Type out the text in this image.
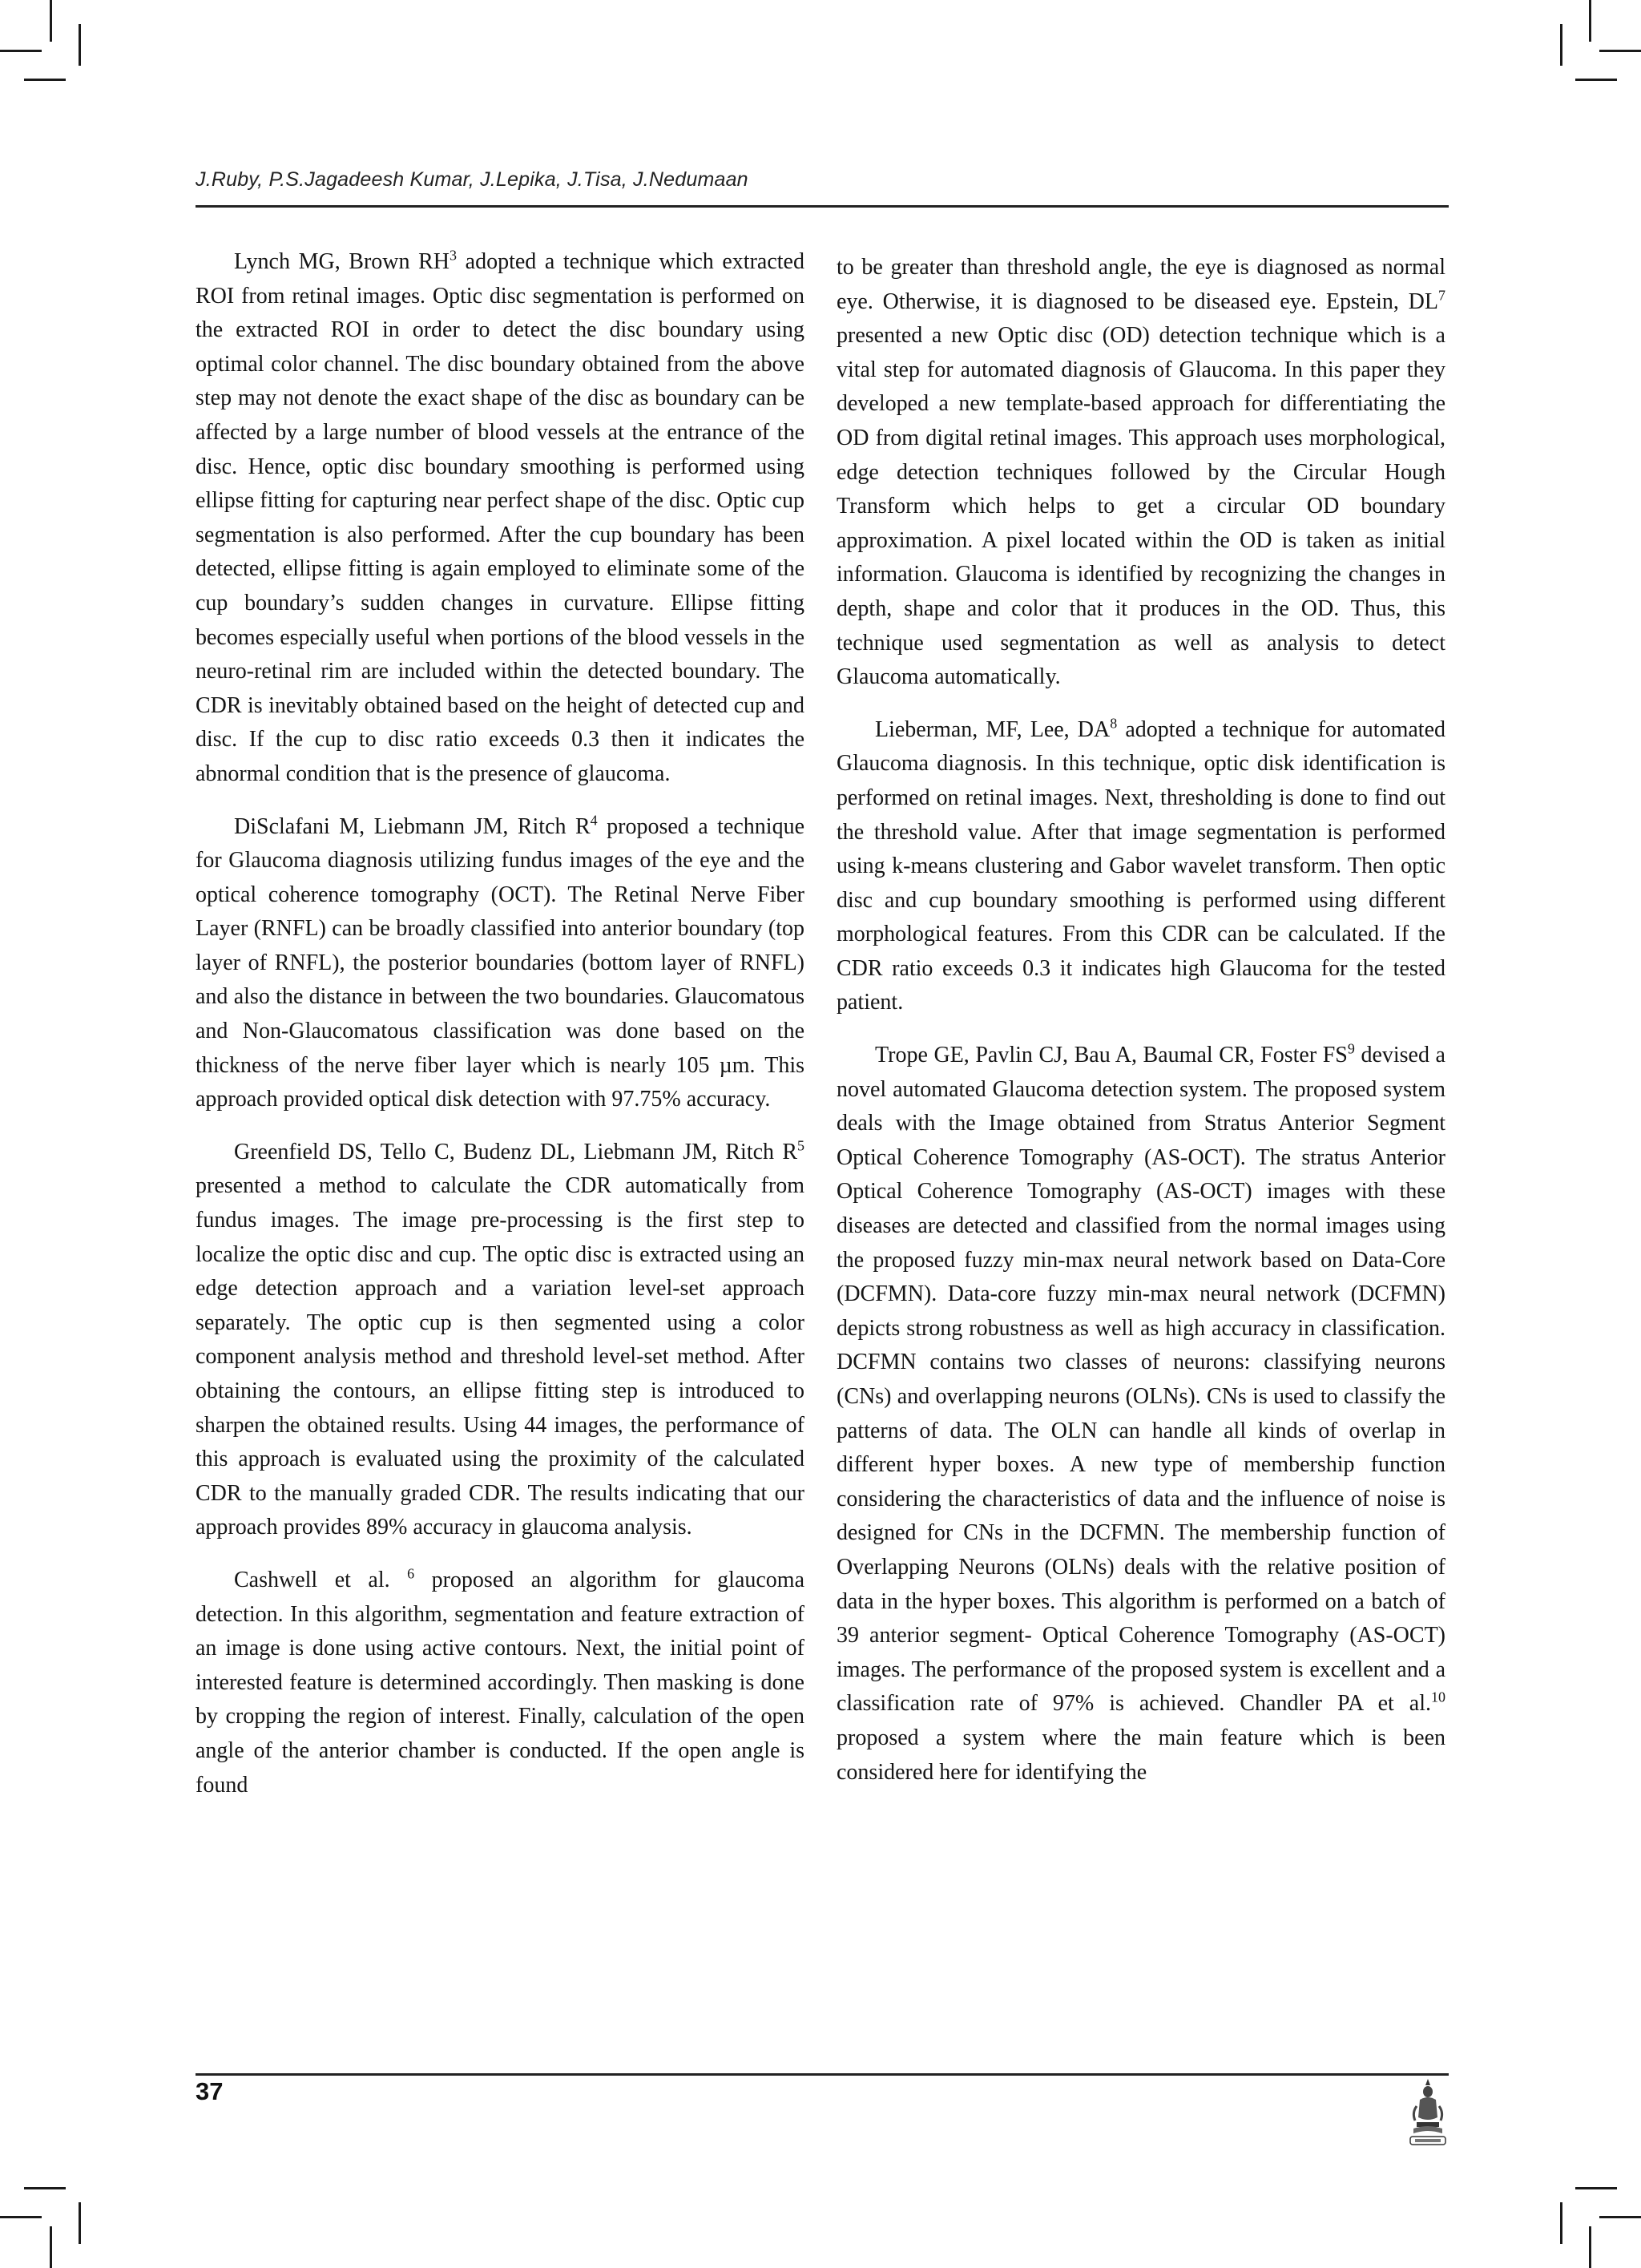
J.Ruby, P.S.Jagadeesh Kumar, J.Lepika, J.Tisa, J.Nedumaan

Lynch MG, Brown $RH^3$ adopted a technique which extracted ROI from retinal images. Optic disc segmentation is performed on the extracted ROI in order to detect the disc boundary using optimal color channel. The disc boundary obtained from the above step may not denote the exact shape of the disc as boundary can be affected by a large number of blood vessels at the entrance of the disc. Hence, optic disc boundary smoothing is performed using ellipse fitting for capturing near perfect shape of the disc. Optic cup segmentation is also performed. After the cup boundary has been detected, ellipse fitting is again employed to eliminate some of the cup boundary’s sudden changes in curvature. Ellipse fitting becomes especially useful when portions of the blood vessels in the neuro-retinal rim are included within the detected boundary. The CDR is inevitably obtained based on the height of detected cup and disc. If the cup to disc ratio exceeds 0.3 then it indicates the abnormal condition that is the presence of glaucoma.

DiSclafani M, Liebmann JM, Ritch $R^4$ proposed a technique for Glaucoma diagnosis utilizing fundus images of the eye and the optical coherence tomography (OCT). The Retinal Nerve Fiber Layer (RNFL) can be broadly classified into anterior boundary (top layer of RNFL), the posterior boundaries (bottom layer of RNFL) and also the distance in between the two boundaries. Glaucomatous and Non-Glaucomatous classification was done based on the thickness of the nerve fiber layer which is nearly 105 µm. This approach provided optical disk detection with 97.75% accuracy.

Greenfield DS, Tello C, Budenz DL, Liebmann JM, Ritch $R^5$ presented a method to calculate the CDR automatically from fundus images. The image pre-processing is the first step to localize the optic disc and cup. The optic disc is extracted using an edge detection approach and a variation level-set approach separately. The optic cup is then segmented using a color component analysis method and threshold level-set method. After obtaining the contours, an ellipse fitting step is introduced to sharpen the obtained results. Using 44 images, the performance of this approach is evaluated using the proximity of the calculated CDR to the manually graded CDR. The results indicating that our approach provides 89% accuracy in glaucoma analysis.

Cashwell et al. $^6$ proposed an algorithm for glaucoma detection. In this algorithm, segmentation and feature extraction of an image is done using active contours. Next, the initial point of interested feature is determined accordingly. Then masking is done by cropping the region of interest. Finally, calculation of the open angle of the anterior chamber is conducted. If the open angle is found

to be greater than threshold angle, the eye is diagnosed as normal eye. Otherwise, it is diagnosed to be diseased eye. Epstein, $DL^7$ presented a new Optic disc (OD) detection technique which is a vital step for automated diagnosis of Glaucoma. In this paper they developed a new template-based approach for differentiating the OD from digital retinal images. This approach uses morphological, edge detection techniques followed by the Circular Hough Transform which helps to get a circular OD boundary approximation. A pixel located within the OD is taken as initial information. Glaucoma is identified by recognizing the changes in depth, shape and color that it produces in the OD. Thus, this technique used segmentation as well as analysis to detect Glaucoma automatically.

Lieberman, MF, Lee, $DA^8$ adopted a technique for automated Glaucoma diagnosis. In this technique, optic disk identification is performed on retinal images. Next, thresholding is done to find out the threshold value. After that image segmentation is performed using k-means clustering and Gabor wavelet transform. Then optic disc and cup boundary smoothing is performed using different morphological features. From this CDR can be calculated. If the CDR ratio exceeds 0.3 it indicates high Glaucoma for the tested patient.

Trope GE, Pavlin CJ, Bau A, Baumal CR, Foster $FS^9$ devised a novel automated Glaucoma detection system. The proposed system deals with the Image obtained from Stratus Anterior Segment Optical Coherence Tomography (AS-OCT). The stratus Anterior Optical Coherence Tomography (AS-OCT) images with these diseases are detected and classified from the normal images using the proposed fuzzy min-max neural network based on Data-Core (DCFMN). Data-core fuzzy min-max neural network (DCFMN) depicts strong robustness as well as high accuracy in classification. DCFMN contains two classes of neurons: classifying neurons (CNs) and overlapping neurons (OLNs). CNs is used to classify the patterns of data. The OLN can handle all kinds of overlap in different hyper boxes. A new type of membership function considering the characteristics of data and the influence of noise is designed for CNs in the DCFMN. The membership function of Overlapping Neurons (OLNs) deals with the relative position of data in the hyper boxes. This algorithm is performed on a batch of 39 anterior segment- Optical Coherence Tomography (AS-OCT) images. The performance of the proposed system is excellent and a classification rate of 97% is achieved. Chandler PA et al.$^{10}$ proposed a system where the main feature which is been considered here for identifying the

37
